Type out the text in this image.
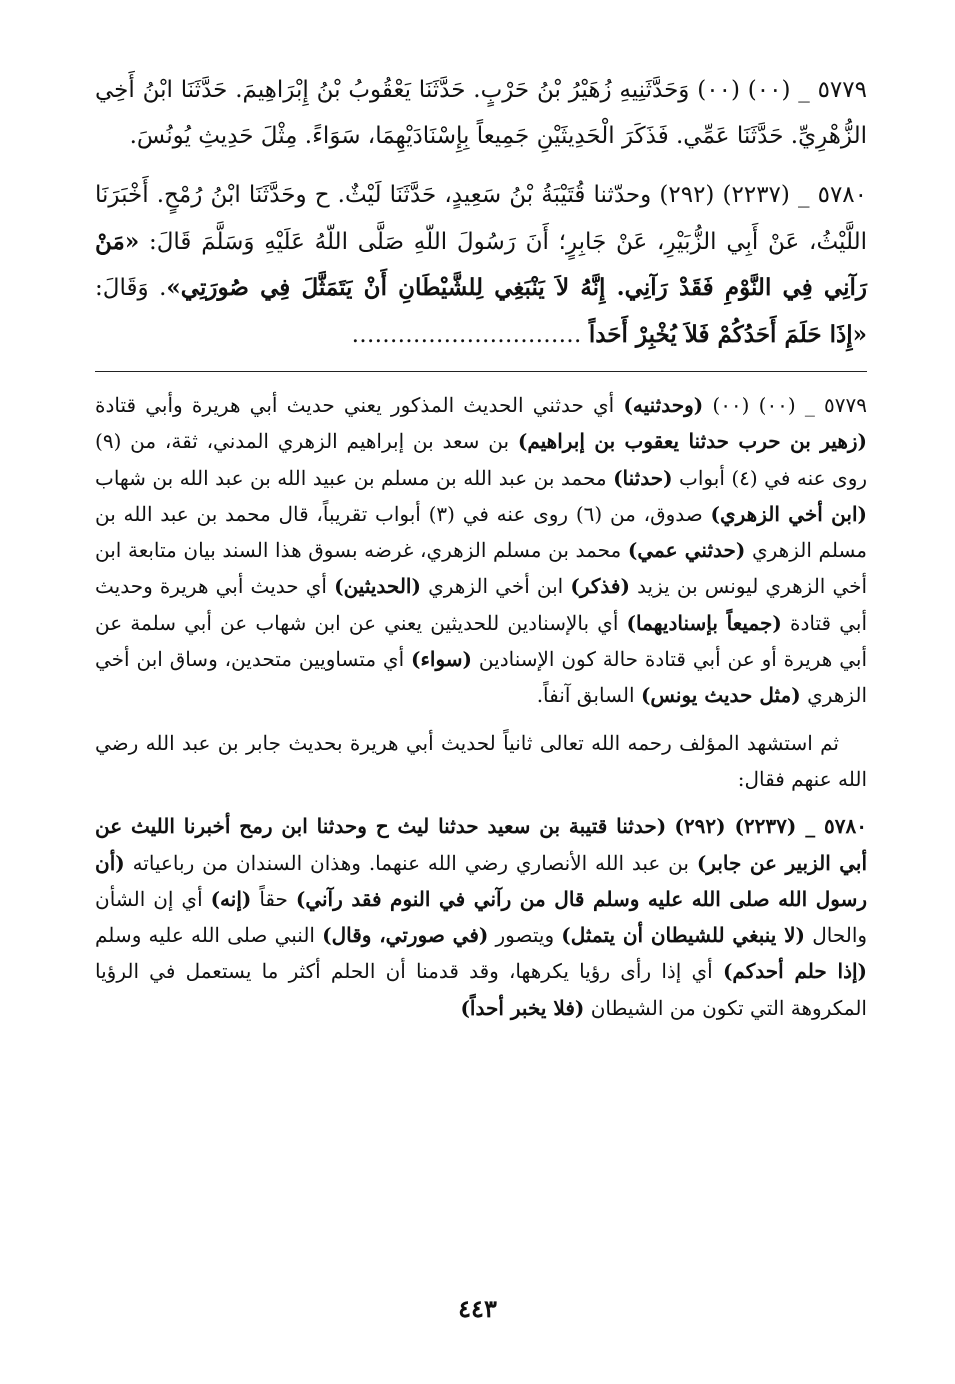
٥٧٧٩ _ (٠٠) (٠٠) وَحَدَّثَنِيهِ زُهَيْرُ بْنُ حَرْبٍ. حَدَّثَنَا يَعْقُوبُ بْنُ إِبْرَاهِيمَ. حَدَّثَنَا ابْنُ أَخِي الزُّهْرِيِّ. حَدَّثَنَا عَمِّي. فَذَكَرَ الْحَدِيثَيْنِ جَمِيعاً بِإِسْنَادَيْهِمَا، سَوَاءً. مِثْلَ حَدِيثِ يُونُسَ.

٥٧٨٠ _ (٢٢٣٧) (٢٩٢) وحدّثنا قُتَيْبَةُ بْنُ سَعِيدٍ، حَدَّثَنَا لَيْثٌ. ح وحَدَّثَنَا ابْنُ رُمْحٍ. أَخْبَرَنَا اللَّيْثُ، عَنْ أَبِي الزُّبَيْرِ، عَنْ جَابِرٍ؛ أَنَ رَسُولَ اللّهِ صَلَّى اللّهُ عَلَيْهِ وَسَلَّمَ قَالَ: «مَنْ رَآنِي فِي النَّوْمِ فَقَدْ رَآنِي. إِنَّهُ لاَ يَنْبَغِي لِلشَّيْطَانِ أَنْ يَتَمَثَّلَ فِي صُورَتِي». وَقَالَ: «إِذَا حَلَمَ أَحَدُكُمْ فَلاَ يُخْبِرْ أَحَداً …………………………

٥٧٧٩ _ (٠٠) (٠٠) (وحدثنيه) أي حدثني الحديث المذكور يعني حديث أبي هريرة وأبي قتادة (زهير بن حرب حدثنا يعقوب بن إبراهيم) بن سعد بن إبراهيم الزهري المدني، ثقة، من (٩) روى عنه في (٤) أبواب (حدثنا) محمد بن عبد الله بن مسلم بن عبيد الله بن عبد الله بن شهاب (ابن أخي الزهري) صدوق، من (٦) روى عنه في (٣) أبواب تقريباً، قال محمد بن عبد الله بن مسلم الزهري (حدثني عمي) محمد بن مسلم الزهري، غرضه بسوق هذا السند بيان متابعة ابن أخي الزهري ليونس بن يزيد (فذكر) ابن أخي الزهري (الحديثين) أي حديث أبي هريرة وحديث أبي قتادة (جميعاً بإسناديهما) أي بالإسنادين للحديثين يعني عن ابن شهاب عن أبي سلمة عن أبي هريرة أو عن أبي قتادة حالة كون الإسنادين (سواء) أي متساويين متحدين، وساق ابن أخي الزهري (مثل حديث يونس) السابق آنفاً.

ثم استشهد المؤلف رحمه الله تعالى ثانياً لحديث أبي هريرة بحديث جابر بن عبد الله رضي الله عنهم فقال:

٥٧٨٠ _ (٢٢٣٧) (٢٩٢) (حدثنا قتيبة بن سعيد حدثنا ليث ح وحدثنا ابن رمح أخبرنا الليث عن أبي الزبير عن جابر) بن عبد الله الأنصاري رضي الله عنهما. وهذان السندان من رباعياته (أن رسول الله صلى الله عليه وسلم قال من رآني في النوم فقد رآني) حقاً (إنه) أي إن الشأن والحال (لا ينبغي للشيطان أن يتمثل) ويتصور (في صورتي، وقال) النبي صلى الله عليه وسلم (إذا حلم أحدكم) أي إذا رأى رؤيا يكرهها، وقد قدمنا أن الحلم أكثر ما يستعمل في الرؤيا المكروهة التي تكون من الشيطان (فلا يخبر أحداً)

٤٤٣
